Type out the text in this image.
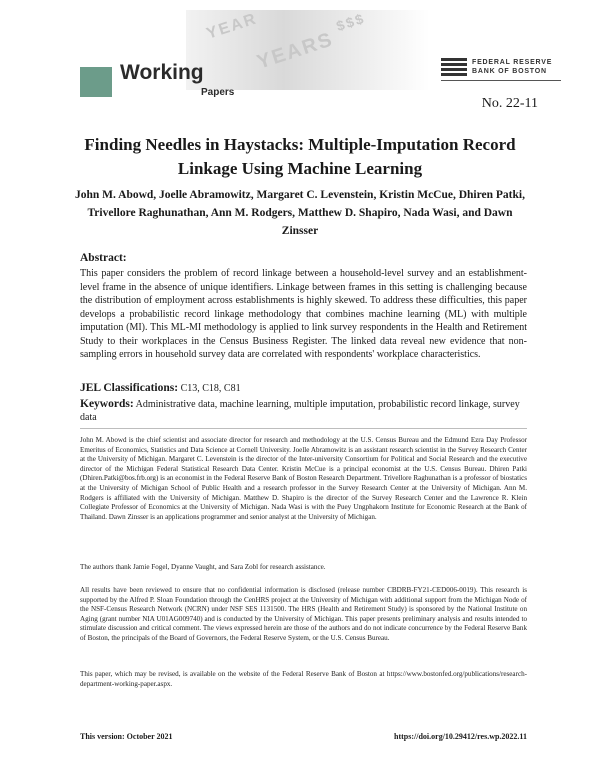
YEAR
YEARS
$$$
Working
Papers
FEDERAL RESERVE
BANK OF BOSTON
No. 22-11
Finding Needles in Haystacks: Multiple-Imputation Record Linkage Using Machine Learning
John M. Abowd, Joelle Abramowitz, Margaret C. Levenstein, Kristin McCue, Dhiren Patki, Trivellore Raghunathan, Ann M. Rodgers, Matthew D. Shapiro, Nada Wasi, and Dawn Zinsser
Abstract:

This paper considers the problem of record linkage between a household-level survey and an establishment-level frame in the absence of unique identifiers. Linkage between frames in this setting is challenging because the distribution of employment across establishments is highly skewed. To address these difficulties, this paper develops a probabilistic record linkage methodology that combines machine learning (ML) with multiple imputation (MI). This ML-MI methodology is applied to link survey respondents in the Health and Retirement Study to their workplaces in the Census Business Register. The linked data reveal new evidence that non-sampling errors in household survey data are correlated with respondents' workplace characteristics.

JEL Classifications: C13, C18, C81

Keywords: Administrative data, machine learning, multiple imputation, probabilistic record linkage, survey data

John M. Abowd is the chief scientist and associate director for research and methodology at the U.S. Census Bureau and the Edmund Ezra Day Professor Emeritus of Economics, Statistics and Data Science at Cornell University. Joelle Abramowitz is an assistant research scientist in the Survey Research Center at the University of Michigan. Margaret C. Levenstein is the director of the Inter-university Consortium for Political and Social Research and the executive director of the Michigan Federal Statistical Research Data Center. Kristin McCue is a principal economist at the U.S. Census Bureau. Dhiren Patki (Dhiren.Patki@bos.frb.org) is an economist in the Federal Reserve Bank of Boston Research Department. Trivellore Raghunathan is a professor of biostatics at the University of Michigan School of Public Health and a research professor in the Survey Research Center at the University of Michigan. Ann M. Rodgers is affiliated with the University of Michigan. Matthew D. Shapiro is the director of the Survey Research Center and the Lawrence R. Klein Collegiate Professor of Economics at the University of Michigan. Nada Wasi is with the Puey Ungphakorn Institute for Economic Research at the Bank of Thailand. Dawn Zinsser is an applications programmer and senior analyst at the University of Michigan.

The authors thank Jamie Fogel, Dyanne Vaught, and Sara Zobl for research assistance.

All results have been reviewed to ensure that no confidential information is disclosed (release number CBDRB-FY21-CED006-0019). This research is supported by the Alfred P. Sloan Foundation through the CenHRS project at the University of Michigan with additional support from the Michigan Node of the NSF-Census Research Network (NCRN) under NSF SES 1131500. The HRS (Health and Retirement Study) is sponsored by the National Institute on Aging (grant number NIA U01AG009740) and is conducted by the University of Michigan. This paper presents preliminary analysis and results intended to stimulate discussion and critical comment. The views expressed herein are those of the authors and do not indicate concurrence by the Federal Reserve Bank of Boston, the principals of the Board of Governors, the Federal Reserve System, or the U.S. Census Bureau.

This paper, which may be revised, is available on the website of the Federal Reserve Bank of Boston at https://www.bostonfed.org/publications/research-department-working-paper.aspx.

This version: October 2021	https://doi.org/10.29412/res.wp.2022.11
